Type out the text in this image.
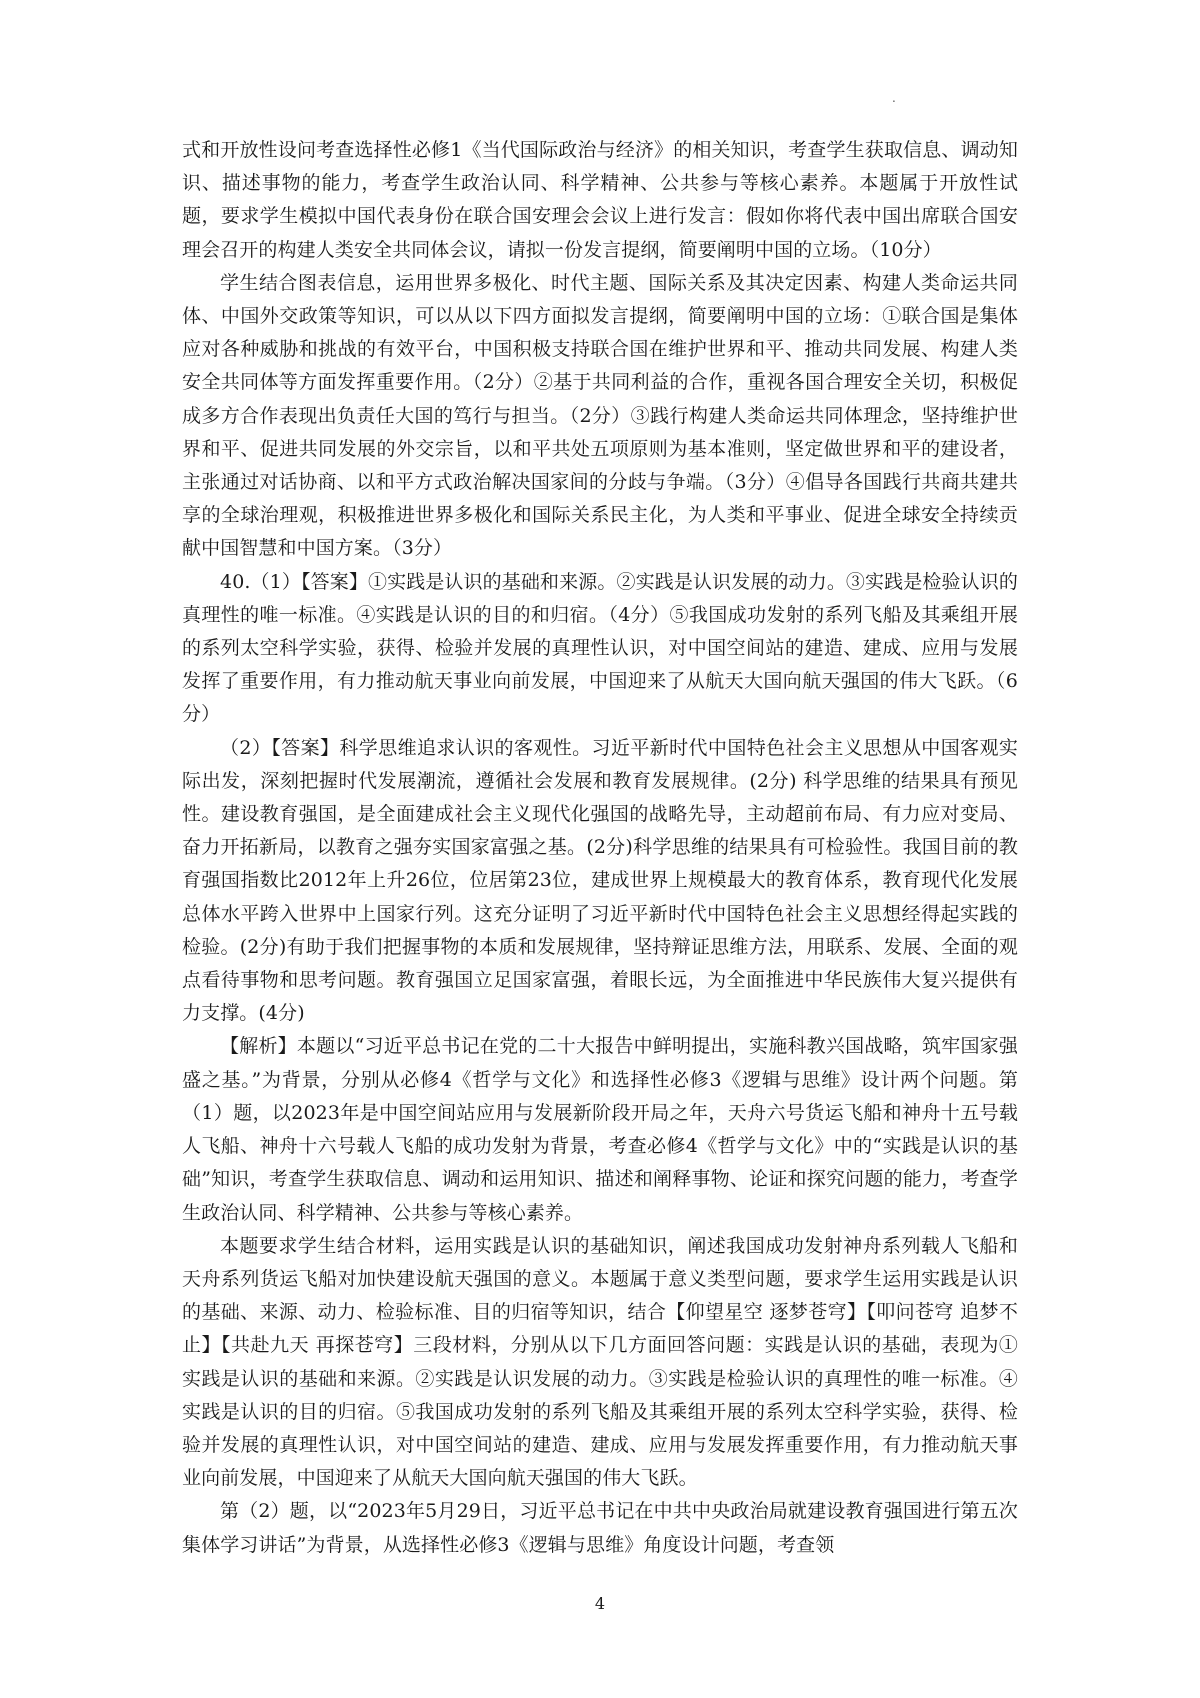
.

式和开放性设问考查选择性必修1《当代国际政治与经济》的相关知识，考查学生获取信息、调动知识、描述事物的能力，考查学生政治认同、科学精神、公共参与等核心素养。本题属于开放性试题，要求学生模拟中国代表身份在联合国安理会会议上进行发言：假如你将代表中国出席联合国安理会召开的构建人类安全共同体会议，请拟一份发言提纲，简要阐明中国的立场。（10分）

学生结合图表信息，运用世界多极化、时代主题、国际关系及其决定因素、构建人类命运共同体、中国外交政策等知识，可以从以下四方面拟发言提纲，简要阐明中国的立场：①联合国是集体应对各种威胁和挑战的有效平台，中国积极支持联合国在维护世界和平、推动共同发展、构建人类安全共同体等方面发挥重要作用。（2分）②基于共同利益的合作，重视各国合理安全关切，积极促成多方合作表现出负责任大国的笃行与担当。（2分）③践行构建人类命运共同体理念，坚持维护世界和平、促进共同发展的外交宗旨，以和平共处五项原则为基本准则，坚定做世界和平的建设者，主张通过对话协商、以和平方式政治解决国家间的分歧与争端。（3分）④倡导各国践行共商共建共享的全球治理观，积极推进世界多极化和国际关系民主化，为人类和平事业、促进全球安全持续贡献中国智慧和中国方案。（3分）

40.（1）【答案】①实践是认识的基础和来源。②实践是认识发展的动力。③实践是检验认识的真理性的唯一标准。④实践是认识的目的和归宿。（4分）⑤我国成功发射的系列飞船及其乘组开展的系列太空科学实验，获得、检验并发展的真理性认识，对中国空间站的建造、建成、应用与发展发挥了重要作用，有力推动航天事业向前发展，中国迎来了从航天大国向航天强国的伟大飞跃。（6分）

（2）【答案】科学思维追求认识的客观性。习近平新时代中国特色社会主义思想从中国客观实际出发，深刻把握时代发展潮流，遵循社会发展和教育发展规律。(2分) 科学思维的结果具有预见性。建设教育强国，是全面建成社会主义现代化强国的战略先导，主动超前布局、有力应对变局、奋力开拓新局，以教育之强夯实国家富强之基。(2分)科学思维的结果具有可检验性。我国目前的教育强国指数比2012年上升26位，位居第23位，建成世界上规模最大的教育体系，教育现代化发展总体水平跨入世界中上国家行列。这充分证明了习近平新时代中国特色社会主义思想经得起实践的检验。(2分)有助于我们把握事物的本质和发展规律，坚持辩证思维方法，用联系、发展、全面的观点看待事物和思考问题。教育强国立足国家富强，着眼长远，为全面推进中华民族伟大复兴提供有力支撑。(4分)

【解析】本题以“习近平总书记在党的二十大报告中鲜明提出，实施科教兴国战略，筑牢国家强盛之基。”为背景，分别从必修4《哲学与文化》和选择性必修3《逻辑与思维》设计两个问题。第（1）题，以2023年是中国空间站应用与发展新阶段开局之年，天舟六号货运飞船和神舟十五号载人飞船、神舟十六号载人飞船的成功发射为背景，考查必修4《哲学与文化》中的“实践是认识的基础”知识，考查学生获取信息、调动和运用知识、描述和阐释事物、论证和探究问题的能力，考查学生政治认同、科学精神、公共参与等核心素养。

本题要求学生结合材料，运用实践是认识的基础知识，阐述我国成功发射神舟系列载人飞船和天舟系列货运飞船对加快建设航天强国的意义。本题属于意义类型问题，要求学生运用实践是认识的基础、来源、动力、检验标准、目的归宿等知识，结合【仰望星空 逐梦苍穹】【叩问苍穹 追梦不止】【共赴九天 再探苍穹】三段材料，分别从以下几方面回答问题：实践是认识的基础，表现为①实践是认识的基础和来源。②实践是认识发展的动力。③实践是检验认识的真理性的唯一标准。④实践是认识的目的归宿。⑤我国成功发射的系列飞船及其乘组开展的系列太空科学实验，获得、检验并发展的真理性认识，对中国空间站的建造、建成、应用与发展发挥重要作用，有力推动航天事业向前发展，中国迎来了从航天大国向航天强国的伟大飞跃。

第（2）题，以“2023年5月29日，习近平总书记在中共中央政治局就建设教育强国进行第五次集体学习讲话”为背景，从选择性必修3《逻辑与思维》角度设计问题，考查领

4
